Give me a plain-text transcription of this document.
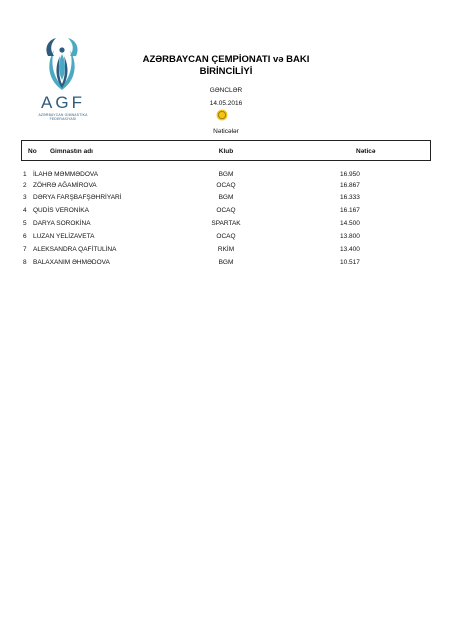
AGF
AZƏRBAYCAN GİMNASTİKA
FEDERASİYASI
AZƏRBAYCAN ÇEMPİONATI və BAKI
BİRİNCİLİYİ
GƏNCLƏR
14.05.2016
Nəticələr
No Gimnastın adı	Klub	Nəticə
1 İLAHƏ MƏMMƏDOVA	BGM	16.950
2 ZÖHRƏ AĞAMİROVA	OCAQ	16.867
3 DƏRYA FARŞBAFŞƏHRİYARİ	BGM	16.333
4 QUDİS VERONİKA	OCAQ	16.167
5 DARYA SOROKİNA	SPARTAK	14.500
6 LUZAN YELİZAVETA	OCAQ	13.800
7 ALEKSANDRA QAFİTULİNA	RKİM	13.400
8 BALAXANIM ƏHMƏDOVA	BGM	10.517
